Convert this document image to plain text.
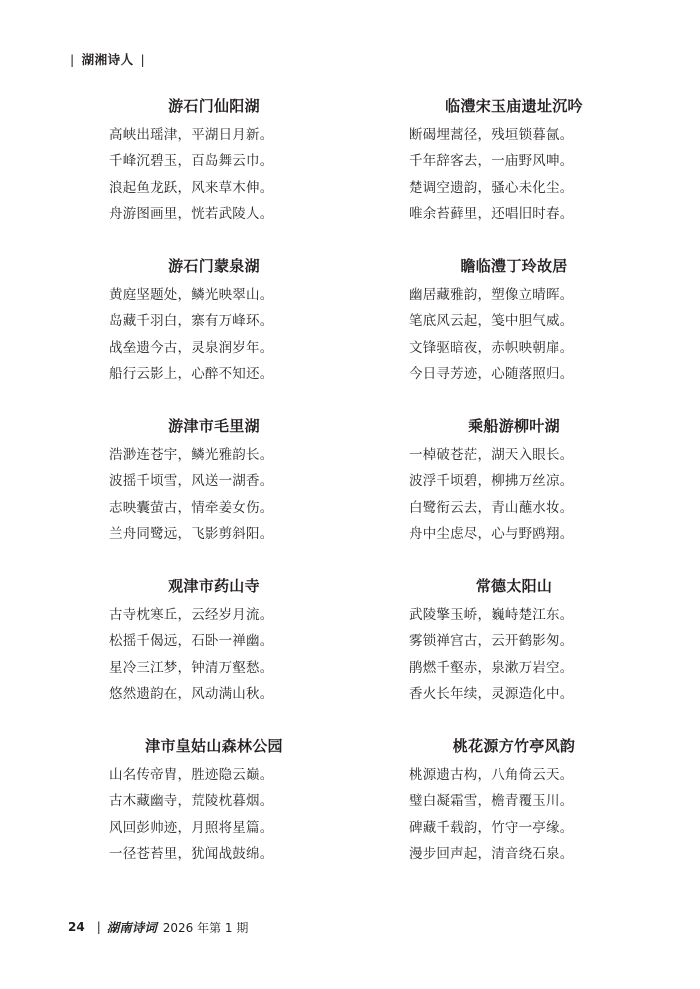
| 湖湘诗人 |
游石门仙阳湖
高峡出瑶津，平湖日月新。
千峰沉碧玉，百岛舞云巾。
浪起鱼龙跃，风来草木伸。
舟游图画里，恍若武陵人。
游石门蒙泉湖
黄庭坚题处，鳞光映翠山。
岛藏千羽白，寨有万峰环。
战垒遗今古，灵泉润岁年。
船行云影上，心醉不知还。
游津市毛里湖
浩渺连苍宇，鳞光雅韵长。
波摇千顷雪，风送一湖香。
志映囊萤古，情牵姜女伤。
兰舟同鹭远，飞影剪斜阳。
观津市药山寺
古寺枕寒丘，云经岁月流。
松摇千偈远，石卧一禅幽。
星冷三江梦，钟清万壑愁。
悠然遗韵在，风动满山秋。
津市皇姑山森林公园
山名传帝胄，胜迹隐云巅。
古木藏幽寺，荒陵枕暮烟。
风回彭帅迹，月照将星篇。
一径苍苔里，犹闻战鼓绵。
临澧宋玉庙遗址沉吟
断碣埋蒿径，残垣锁暮氤。
千年辞客去，一庙野风呻。
楚调空遗韵，骚心未化尘。
唯余苔藓里，还唱旧时春。
瞻临澧丁玲故居
幽居藏雅韵，塑像立晴晖。
笔底风云起，笺中胆气威。
文锋驱暗夜，赤帜映朝扉。
今日寻芳迹，心随落照归。
乘船游柳叶湖
一棹破苍茫，湖天入眼长。
波浮千顷碧，柳拂万丝凉。
白鹭衔云去，青山蘸水妆。
舟中尘虑尽，心与野鸥翔。
常德太阳山
武陵擎玉峤，巍峙楚江东。
雾锁禅宫古，云开鹤影匆。
鹃燃千壑赤，泉漱万岩空。
香火长年续，灵源造化中。
桃花源方竹亭风韵
桃源遗古构，八角倚云天。
璧白凝霜雪，檐青覆玉川。
碑藏千载韵，竹守一亭缘。
漫步回声起，清音绕石泉。
24 | 湖南诗词 2026 年第 1 期
